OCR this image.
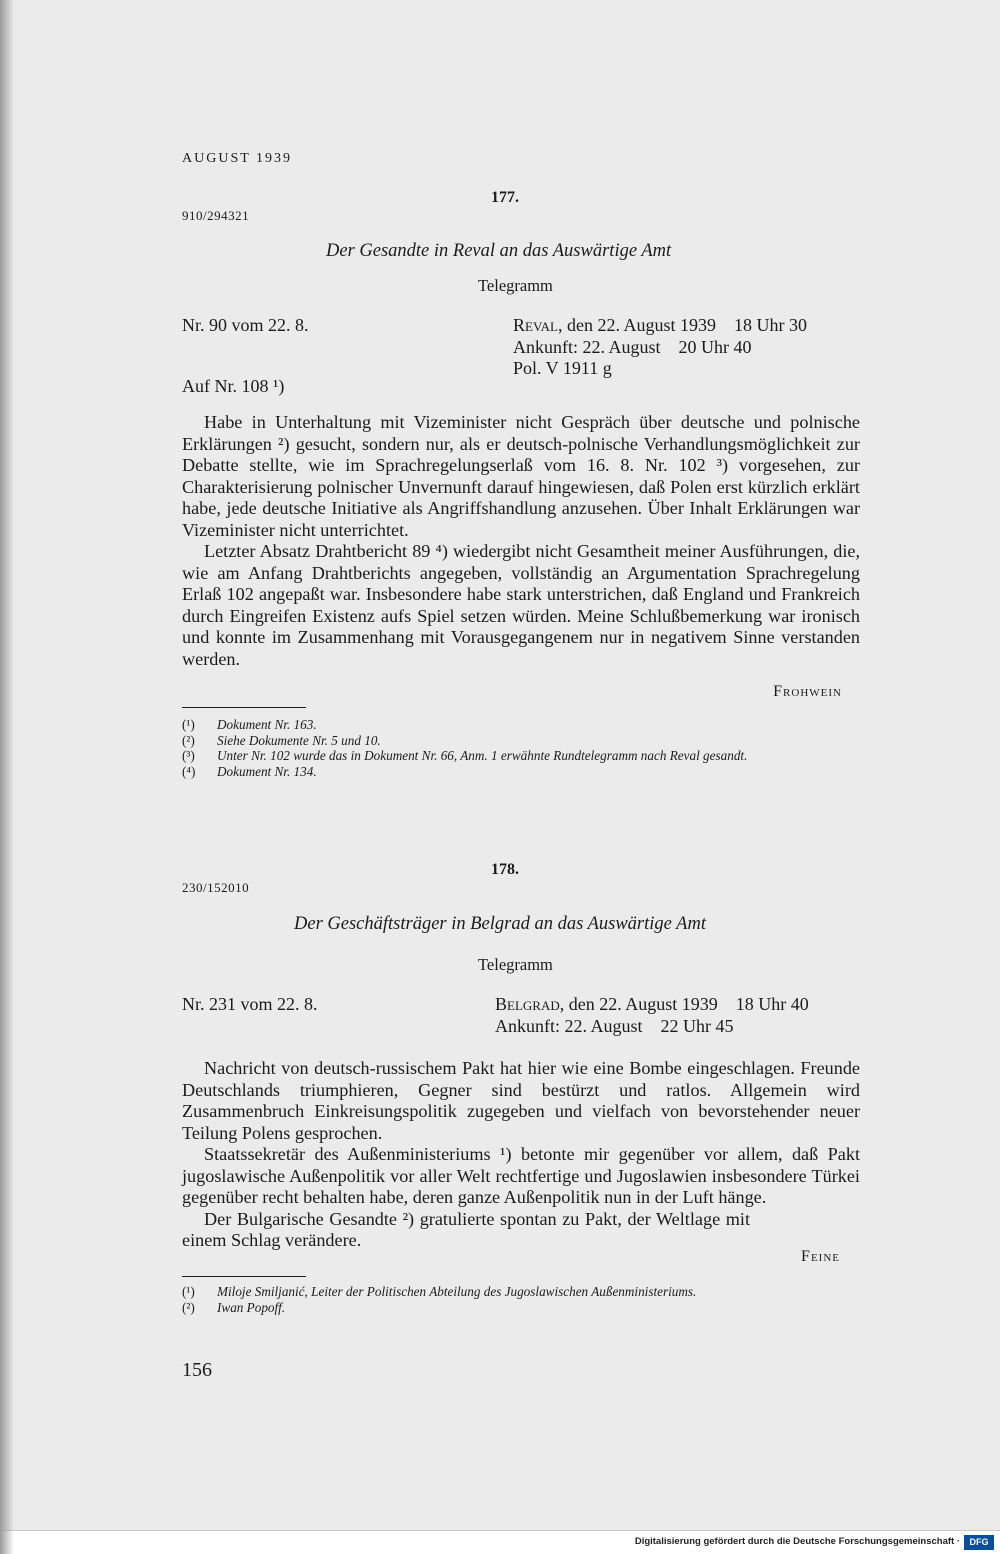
AUGUST 1939
177.
910/294321
Der Gesandte in Reval an das Auswärtige Amt
Telegramm
Nr. 90 vom 22. 8.	Reval, den 22. August 1939    18 Uhr 30
Ankunft: 22. August    20 Uhr 40
Pol. V 1911 g
Auf Nr. 108 ¹)

Habe in Unterhaltung mit Vizeminister nicht Gespräch über deutsche und polnische Erklärungen ²) gesucht, sondern nur, als er deutsch-polnische Verhandlungsmöglichkeit zur Debatte stellte, wie im Sprachregelungserlaß vom 16. 8. Nr. 102 ³) vorgesehen, zur Charakterisierung polnischer Unvernunft darauf hingewiesen, daß Polen erst kürzlich erklärt habe, jede deutsche Initiative als Angriffshandlung anzusehen. Über Inhalt Erklärungen war Vizeminister nicht unterrichtet.

Letzter Absatz Drahtbericht 89 ⁴) wiedergibt nicht Gesamtheit meiner Ausführungen, die, wie am Anfang Drahtberichts angegeben, vollständig an Argumentation Sprachregelung Erlaß 102 angepaßt war. Insbesondere habe stark unterstrichen, daß England und Frankreich durch Eingreifen Existenz aufs Spiel setzen würden. Meine Schlußbemerkung war ironisch und konnte im Zusammenhang mit Vorausgegangenem nur in negativem Sinne verstanden werden.

Frohwein
(¹)	Dokument Nr. 163.
(²)	Siehe Dokumente Nr. 5 und 10.
(³)	Unter Nr. 102 wurde das in Dokument Nr. 66, Anm. 1 erwähnte Rundtelegramm nach Reval gesandt.
(⁴)	Dokument Nr. 134.
178.
230/152010
Der Geschäftsträger in Belgrad an das Auswärtige Amt
Telegramm
Nr. 231 vom 22. 8.	Belgrad, den 22. August 1939    18 Uhr 40
Ankunft: 22. August    22 Uhr 45

Nachricht von deutsch-russischem Pakt hat hier wie eine Bombe eingeschlagen. Freunde Deutschlands triumphieren, Gegner sind bestürzt und ratlos. Allgemein wird Zusammenbruch Einkreisungspolitik zugegeben und vielfach von bevorstehender neuer Teilung Polens gesprochen.

Staatssekretär des Außenministeriums ¹) betonte mir gegenüber vor allem, daß Pakt jugoslawische Außenpolitik vor aller Welt rechtfertige und Jugoslawien insbesondere Türkei gegenüber recht behalten habe, deren ganze Außenpolitik nun in der Luft hänge.

Der Bulgarische Gesandte ²) gratulierte spontan zu Pakt, der Weltlage mit einem Schlag verändere.

Feine
(¹)	Miloje Smiljanić, Leiter der Politischen Abteilung des Jugoslawischen Außenministeriums.
(²)	Iwan Popoff.
156
Digitalisierung gefördert durch die Deutsche Forschungsgemeinschaft ·	DFG
